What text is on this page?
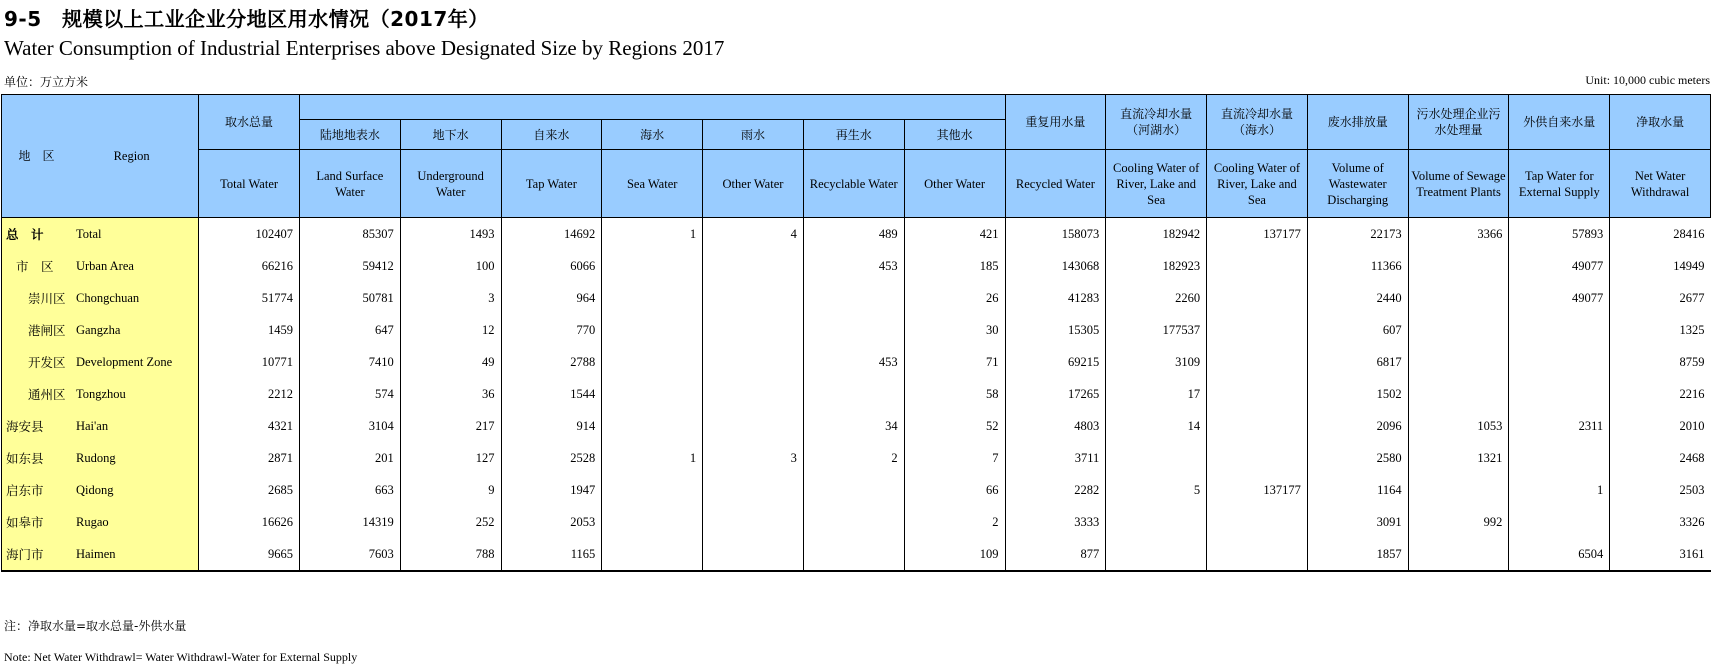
9-5　规模以上工业企业分地区用水情况（2017年）
Water Consumption of Industrial Enterprises above Designated Size by Regions 2017
单位：万立方米	Unit: 10,000 cubic meters
地　区 Region		取水总量								重复用水量	直流冷却水量（河湖水）	直流冷却水量（海水）	废水排放量	污水处理企业污水处理量	外供自来水量	净取水量
			陆地地表水	地下水	自来水	海水	雨水	再生水	其他水							
		Total Water	Land Surface Water	Underground Water	Tap Water	Sea Water	Other Water	Recyclable Water	Other Water	Recycled Water	Cooling Water of River, Lake and Sea	Cooling Water of River, Lake and Sea	Volume of Wastewater Discharging	Volume of Sewage Treatment Plants	Tap Water for External Supply	Net Water Withdrawal
总　计	Total	102407	85307	1493	14692	1	4	489	421	158073	182942	137177	22173	3366	57893	28416
市　区	Urban Area	66216	59412	100	6066			453	185	143068	182923		11366		49077	14949
崇川区	Chongchuan	51774	50781	3	964				26	41283	2260		2440		49077	2677
港闸区	Gangzha	1459	647	12	770				30	15305	177537		607			1325
开发区	Development Zone	10771	7410	49	2788			453	71	69215	3109		6817			8759
通州区	Tongzhou	2212	574	36	1544				58	17265	17		1502			2216
海安县	Hai'an	4321	3104	217	914			34	52	4803	14		2096	1053	2311	2010
如东县	Rudong	2871	201	127	2528	1	3	2	7	3711			2580	1321		2468
启东市	Qidong	2685	663	9	1947				66	2282	5	137177	1164		1	2503
如皋市	Rugao	16626	14319	252	2053				2	3333			3091	992		3326
海门市	Haimen	9665	7603	788	1165				109	877			1857		6504	3161
注：净取水量=取水总量-外供水量
Note: Net Water Withdrawl= Water Withdrawl-Water for External Supply
